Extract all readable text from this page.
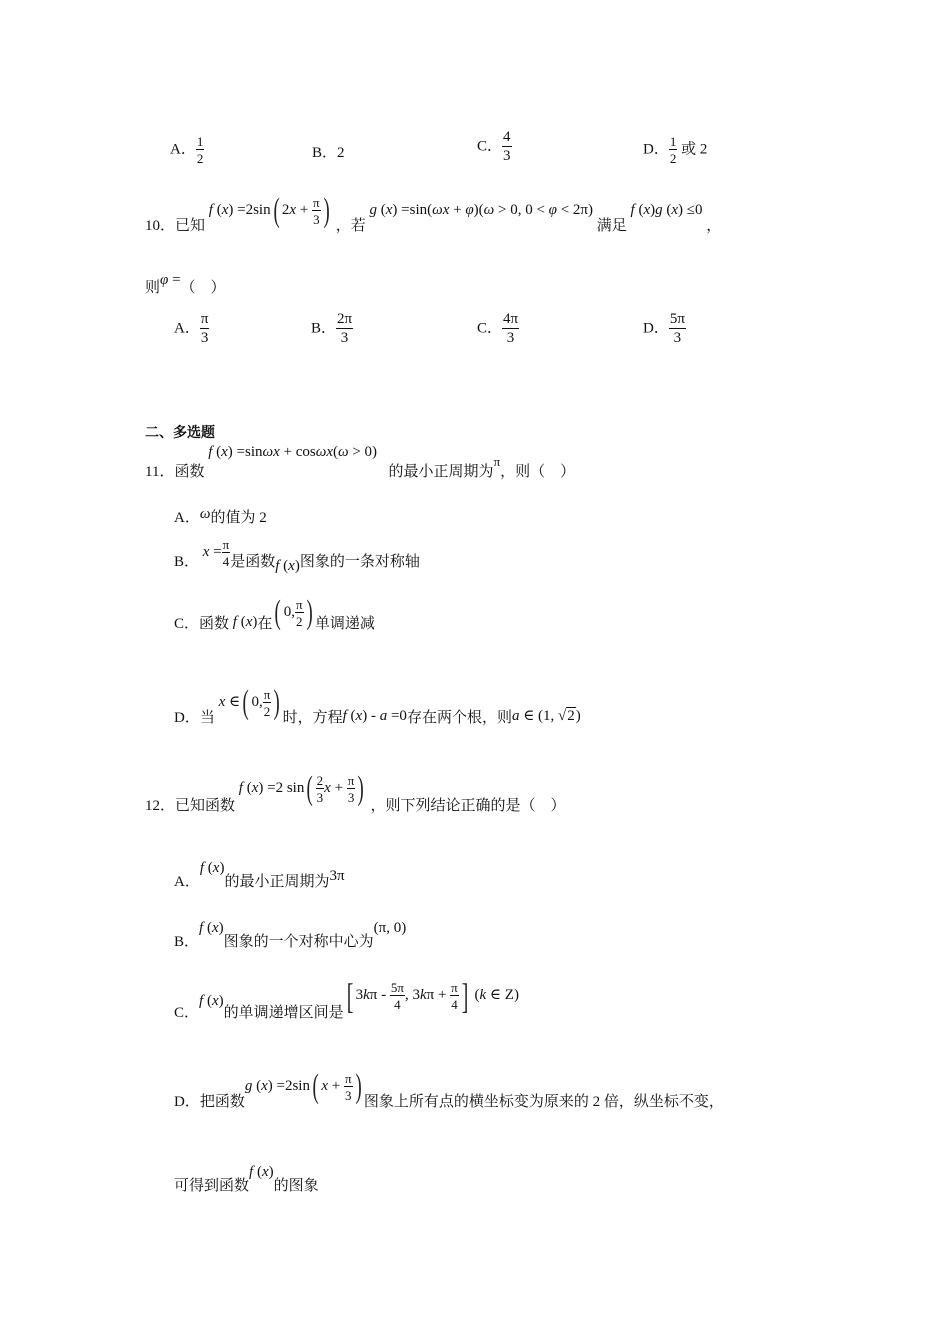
A． $\frac{1}{2}$	B．2	C． $\frac{4}{3}$	D． $\frac{1}{2}$ 或 2
10．已知 f (x) =2sin( $2x + \frac{\pi}{3}$ ) ，若 g (x) =sin(ωx + φ)(ω > 0, 0 < φ < 2π) 满足 f (x)g (x) ≤0 ，
则φ =（　）
A． $\frac{\pi}{3}$	B． $\frac{2\pi}{3}$	C． $\frac{4\pi}{3}$	D． $\frac{5\pi}{3}$
二、多选题
11．函数 f (x) =sinωx + cosωx(ω > 0)  的最小正周期为π，则（　）
A．ω的值为 2
B． $x = \frac{\pi}{4}$ 是函数f (x)图象的一条对称轴
C．函数 f (x)在( 0, $\frac{\pi}{2}$ ) 单调递减
D．当 x ∈( 0, $\frac{\pi}{2}$ ) 时，方程f (x) - a =0存在两个根，则a ∈ (1, √2)
12．已知函数 f (x) =2 $\sin( \frac{2}{3}$ $x + \frac{\pi}{3}$ ) ，则下列结论正确的是（　）
A．f (x)的最小正周期为3π
B．f (x)图象的一个对称中心为(π, 0)
C．f (x)的单调递增区间是[ $3k\pi - \frac{5\pi}{4}$ , $3k\pi + \frac{\pi}{4}$ ] (k ∈ Z)
D．把函数g (x) =2sin( $x + \frac{\pi}{3}$ ) 图象上所有点的横坐标变为原来的 2 倍，纵坐标不变，
可得到函数f (x)的图象
